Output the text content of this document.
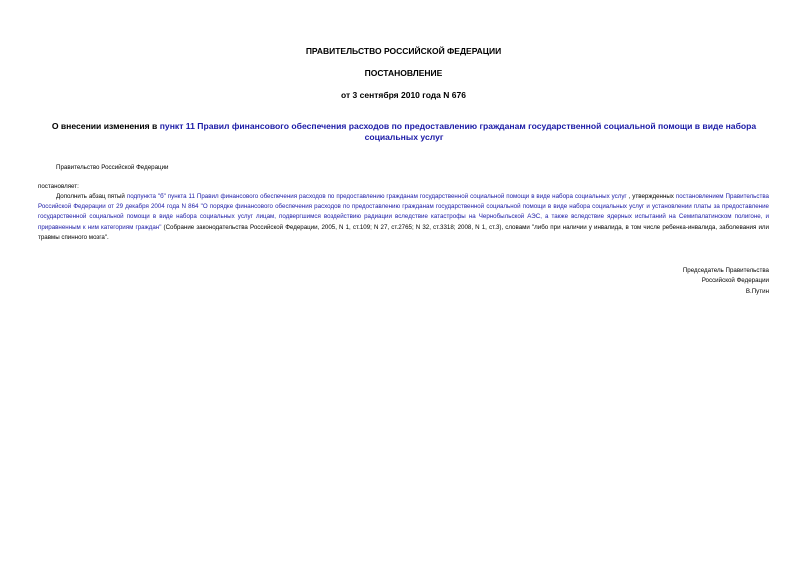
ПРАВИТЕЛЬСТВО РОССИЙСКОЙ ФЕДЕРАЦИИ
ПОСТАНОВЛЕНИЕ
от 3 сентября 2010 года N 676
О внесении изменения в пункт 11 Правил финансового обеспечения расходов по предоставлению гражданам государственной социальной помощи в виде набора социальных услуг
Правительство Российской Федерации
постановляет:
Дополнить абзац пятый подпункта "б" пункта 11 Правил финансового обеспечения расходов по предоставлению гражданам государственной социальной помощи в виде набора социальных услуг , утвержденных постановлением Правительства Российской Федерации от 29 декабря 2004 года N 864 "О порядке финансового обеспечения расходов по предоставлению гражданам государственной социальной помощи в виде набора социальных услуг и установлении платы за предоставление государственной социальной помощи в виде набора социальных услуг лицам, подвергшимся воздействию радиации вследствие катастрофы на Чернобыльской АЭС, а также вследствие ядерных испытаний на Семипалатинском полигоне, и приравненным к ним категориям граждан" (Собрание законодательства Российской Федерации, 2005, N 1, ст.109; N 27, ст.2765; N 32, ст.3318; 2008, N 1, ст.3), словами "либо при наличии у инвалида, в том числе ребенка-инвалида, заболевания или травмы спинного мозга".
Председатель Правительства
Российской Федерации
В.Путин
